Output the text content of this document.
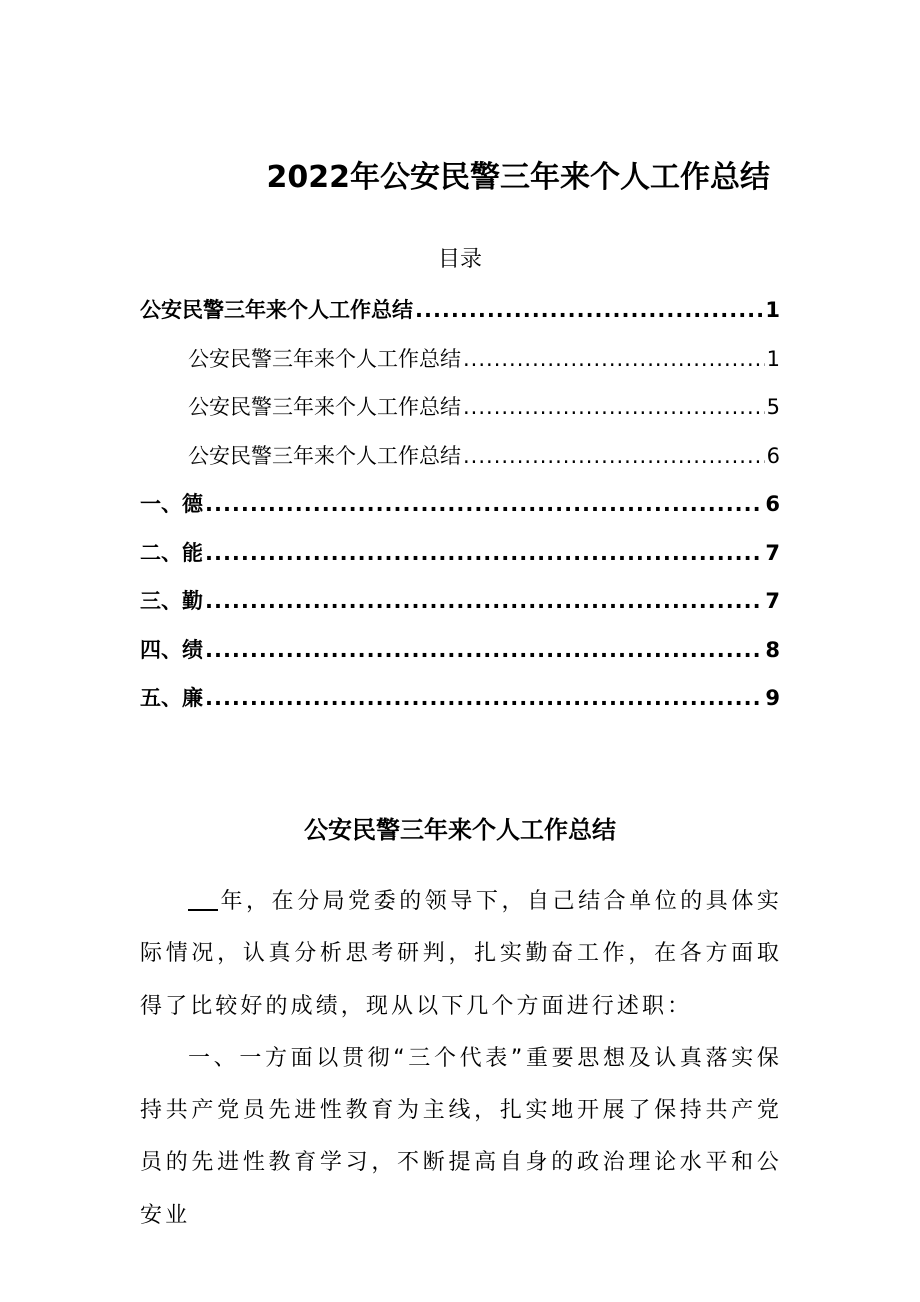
2022年公安民警三年来个人工作总结
目录
公安民警三年来个人工作总结 .....	1
公安民警三年来个人工作总结 .....	1
公安民警三年来个人工作总结 .....	5
公安民警三年来个人工作总结 .....	6
一、德 .....	6
二、能 .....	7
三、勤 .....	7
四、绩 .....	8
五、廉 .....	9
公安民警三年来个人工作总结

年，在分局党委的领导下，自己结合单位的具体实际情况，认真分析思考研判，扎实勤奋工作，在各方面取得了比较好的成绩，现从以下几个方面进行述职：

一、一方面以贯彻“三个代表”重要思想及认真落实保持共产党员先进性教育为主线，扎实地开展了保持共产党员的先进性教育学习，不断提高自身的政治理论水平和公安业
